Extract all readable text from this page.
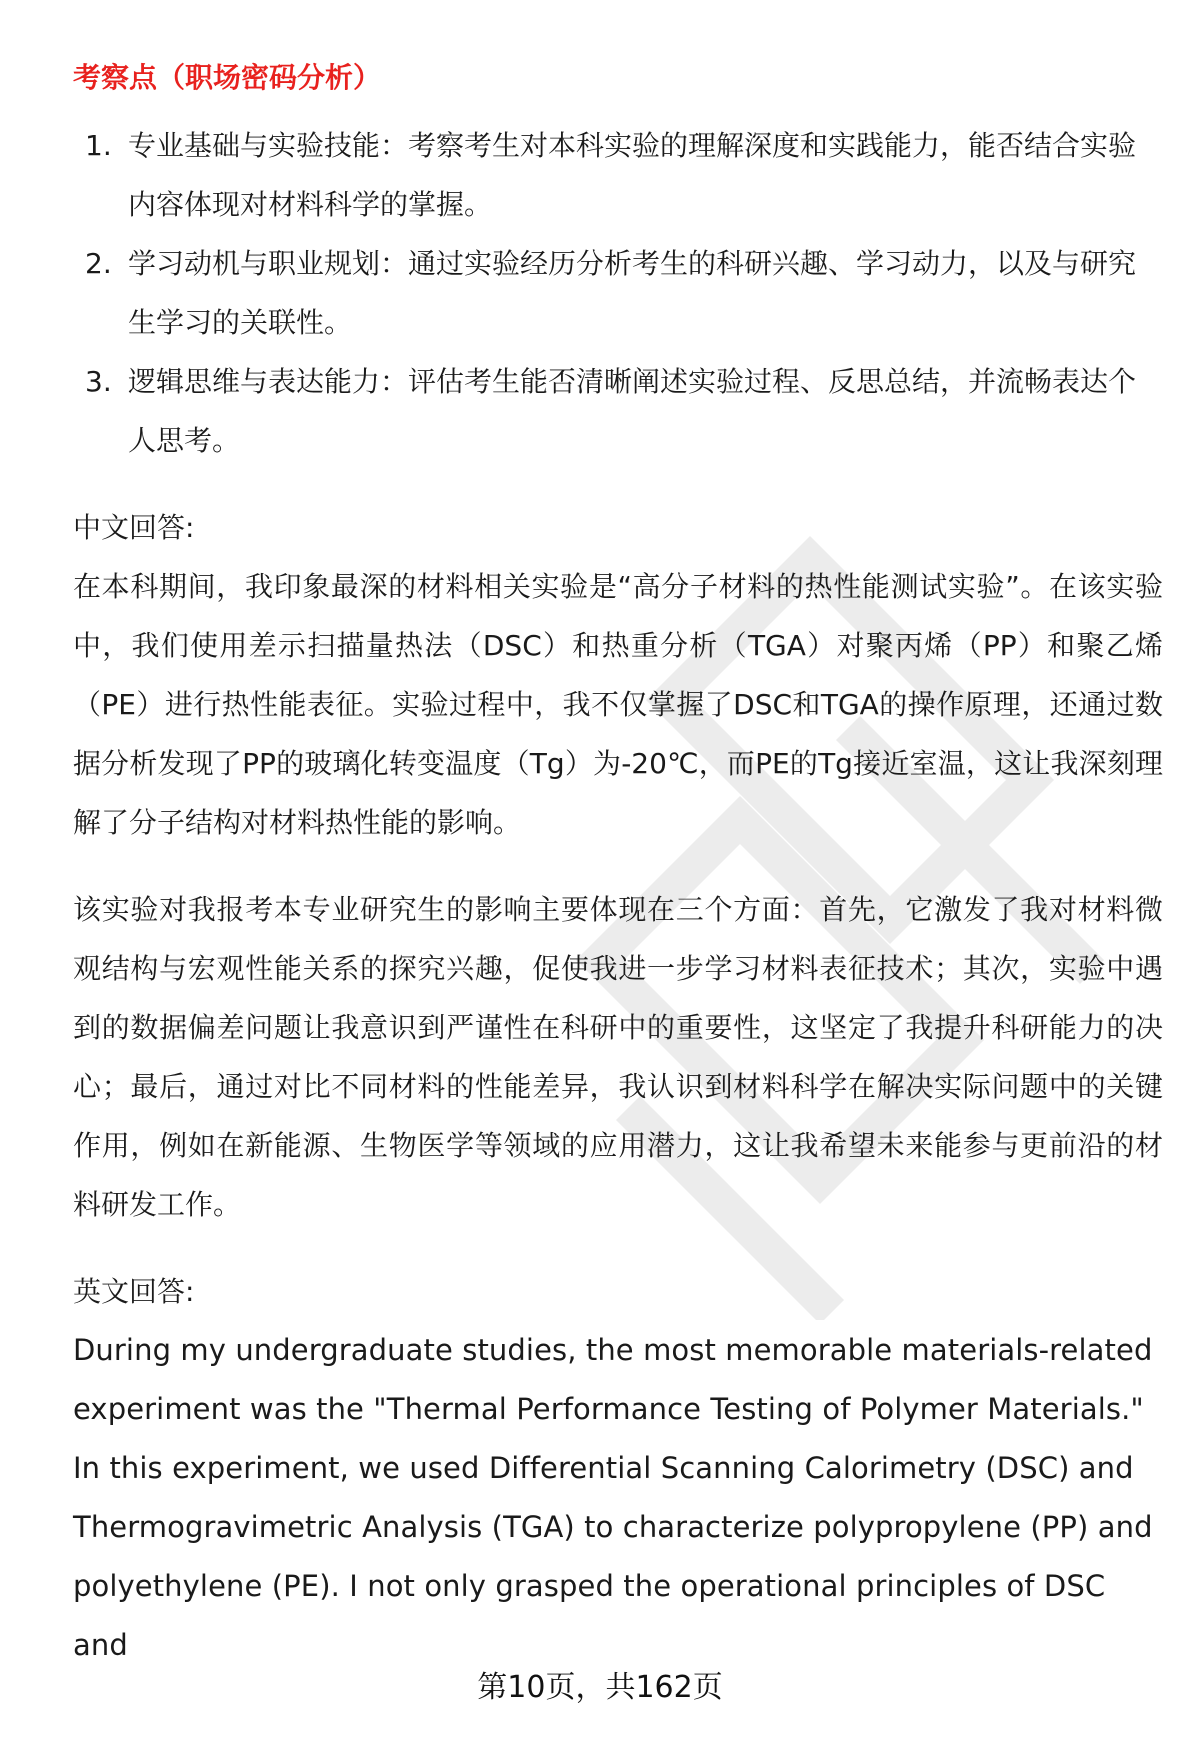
考察点（职场密码分析）
1. 专业基础与实验技能：考察考生对本科实验的理解深度和实践能力，能否结合实验内容体现对材料科学的掌握。
2. 学习动机与职业规划：通过实验经历分析考生的科研兴趣、学习动力，以及与研究生学习的关联性。
3. 逻辑思维与表达能力：评估考生能否清晰阐述实验过程、反思总结，并流畅表达个人思考。
中文回答:

在本科期间，我印象最深的材料相关实验是“高分子材料的热性能测试实验”。在该实验中，我们使用差示扫描量热法（DSC）和热重分析（TGA）对聚丙烯（PP）和聚乙烯（PE）进行热性能表征。实验过程中，我不仅掌握了DSC和TGA的操作原理，还通过数据分析发现了PP的玻璃化转变温度（Tg）为-20℃，而PE的Tg接近室温，这让我深刻理解了分子结构对材料热性能的影响。

该实验对我报考本专业研究生的影响主要体现在三个方面：首先，它激发了我对材料微观结构与宏观性能关系的探究兴趣，促使我进一步学习材料表征技术；其次，实验中遇到的数据偏差问题让我意识到严谨性在科研中的重要性，这坚定了我提升科研能力的决心；最后，通过对比不同材料的性能差异，我认识到材料科学在解决实际问题中的关键作用，例如在新能源、生物医学等领域的应用潜力，这让我希望未来能参与更前沿的材料研发工作。

英文回答:

During my undergraduate studies, the most memorable materials-related experiment was the "Thermal Performance Testing of Polymer Materials." In this experiment, we used Differential Scanning Calorimetry (DSC) and Thermogravimetric Analysis (TGA) to characterize polypropylene (PP) and polyethylene (PE). I not only grasped the operational principles of DSC and

第10页，共162页
